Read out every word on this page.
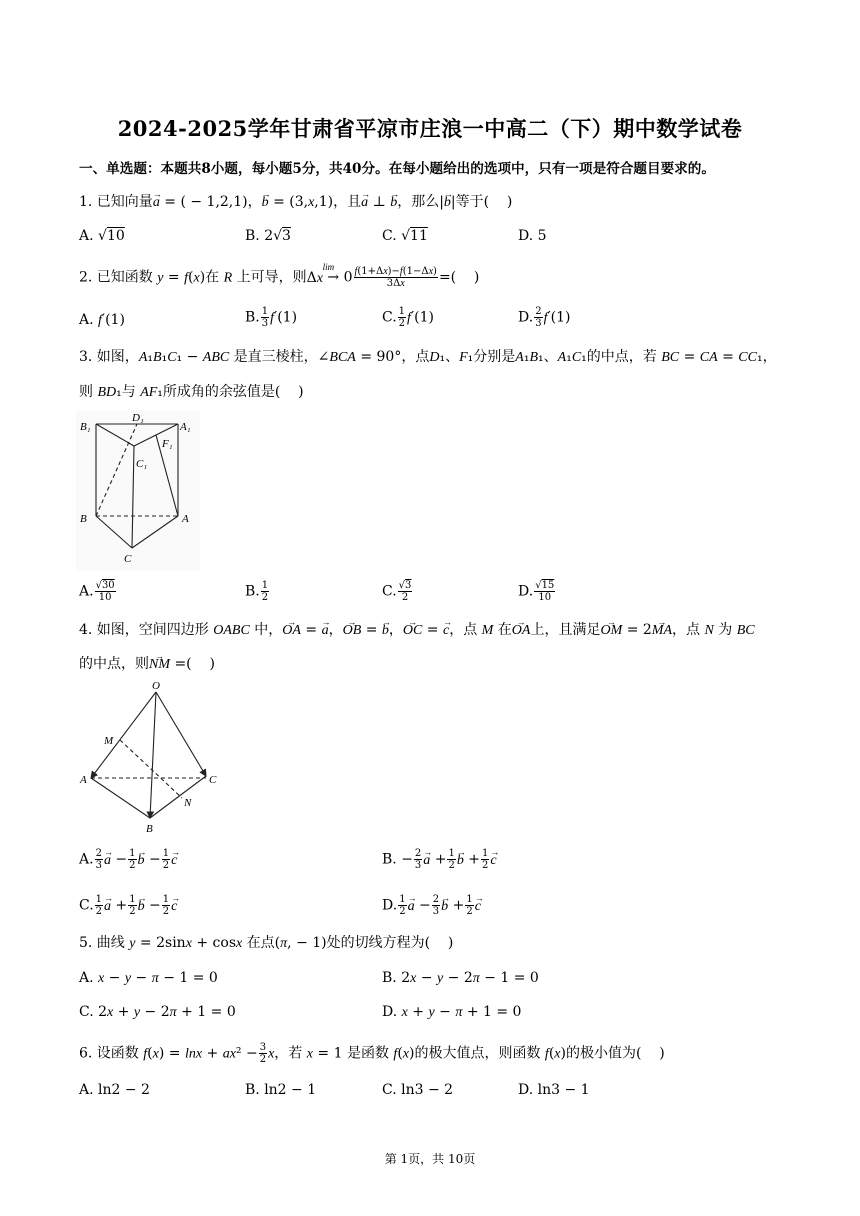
2024-2025学年甘肃省平凉市庄浪一中高二（下）期中数学试卷
一、单选题：本题共8小题，每小题5分，共40分。在每小题给出的选项中，只有一项是符合题目要求的。
1. 已知向量→ a = ( − 1,2,1)，→ b = (3,x,1)，且→ a ⊥ → b，那么|→ b|等于(    )
A. √10	B. 2√3	C. √11	D. 5
2. 已知函数 y = f(x)在 R 上可导，则Δx
lim
→ $0 \frac{f(1+\Delta x)-f(1-\Delta x)}{3\Delta x}$ =(    )
A. f′(1)	B. $\frac{1}{3} f'(1)$	C. $\frac{1}{2} f'(1)$	D. $\frac{2}{3} f'(1)$
3. 如图，A₁B₁C₁ − ABC 是直三棱柱，∠BCA = 90°，点D₁、F₁分别是A₁B₁、A₁C₁的中点，若 BC = CA = CC₁，
则 BD₁与 AF₁所成角的余弦值是(    )
B₁
D₁
A₁
F₁
C₁
B	A
C
A. $\frac{√30}{10}$	B. $\frac{1}{2}$	C. $\frac{√3}{2}$	D. $\frac{√15}{10}$
4. 如图，空间四边形 OABC 中，→ OA = → a，→ OB = → b，→ OC = → c，点 M 在→ OA上，且满足→ OM = 2→ MA，点 N 为 BC
的中点，则→ NM =(    )
O
M
A	C
N
B
A. $\frac{2}{3} \to a - \frac{1}{2} \to b - \frac{1}{2} \to c$	B. − $\frac{2}{3} \to a + \frac{1}{2} \to b + \frac{1}{2} \to c$
C. $\frac{1}{2} \to a + \frac{1}{2} \to b - \frac{1}{2} \to c$	D. $\frac{1}{2} \to a - \frac{2}{3} \to b + \frac{1}{2} \to c$
5. 曲线 y = 2sinx + cosx 在点(π, − 1)处的切线方程为(    )
A. x − y − π − 1 = 0	B. 2x − y − 2π − 1 = 0
C. 2x + y − 2π + 1 = 0	D. x + y − π + 1 = 0
6. 设函数 $f(x) = \ln x + ax^2 - \frac{3}{2}$ x，若 x = 1 是函数 f(x)的极大值点，则函数 f(x)的极小值为(    )
A. ln2 − 2	B. ln2 − 1	C. ln3 − 2	D. ln3 − 1
第 1页，共 10页
